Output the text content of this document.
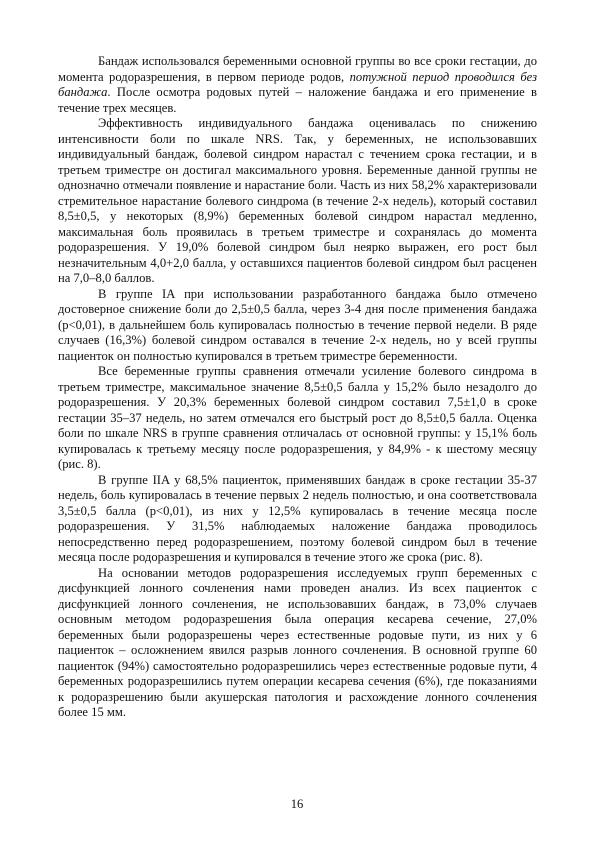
Бандаж использовался беременными основной группы во все сроки гестации, до момента родоразрешения, в первом периоде родов, потужной период проводился без бандажа. После осмотра родовых путей – наложение бандажа и его применение в течение трех месяцев.

Эффективность индивидуального бандажа оценивалась по снижению интенсивности боли по шкале NRS. Так, у беременных, не использовавших индивидуальный бандаж, болевой синдром нарастал с течением срока гестации, и в третьем триместре он достигал максимального уровня. Беременные данной группы не однозначно отмечали появление и нарастание боли. Часть из них 58,2% характеризовали стремительное нарастание болевого синдрома (в течение 2-х недель), который составил 8,5±0,5, у некоторых (8,9%) беременных болевой синдром нарастал медленно, максимальная боль проявилась в третьем триместре и сохранялась до момента родоразрешения. У 19,0% болевой синдром был неярко выражен, его рост был незначительным 4,0+2,0 балла, у оставшихся пациентов болевой синдром был расценен на 7,0–8,0 баллов.

В группе IA при использовании разработанного бандажа было отмечено достоверное снижение боли до 2,5±0,5 балла, через 3-4 дня после применения бандажа (р<0,01), в дальнейшем боль купировалась полностью в течение первой недели. В ряде случаев (16,3%) болевой синдром оставался в течение 2-х недель, но у всей группы пациенток он полностью купировался в третьем триместре беременности.

Все беременные группы сравнения отмечали усиление болевого синдрома в третьем триместре, максимальное значение 8,5±0,5 балла у 15,2% было незадолго до родоразрешения. У 20,3% беременных болевой синдром составил 7,5±1,0 в сроке гестации 35–37 недель, но затем отмечался его быстрый рост до 8,5±0,5 балла. Оценка боли по шкале NRS в группе сравнения отличалась от основной группы: у 15,1% боль купировалась к третьему месяцу после родоразрешения, у 84,9% - к шестому месяцу (рис. 8).

В группе IIA у 68,5% пациенток, применявших бандаж в сроке гестации 35-37 недель, боль купировалась в течение первых 2 недель полностью, и она соответствовала 3,5±0,5 балла (р<0,01), из них у 12,5% купировалась в течение месяца после родоразрешения. У 31,5% наблюдаемых наложение бандажа проводилось непосредственно перед родоразрешением, поэтому болевой синдром был в течение месяца после родоразрешения и купировался в течение этого же срока (рис. 8).

На основании методов родоразрешения исследуемых групп беременных с дисфункцией лонного сочленения нами проведен анализ. Из всех пациенток с дисфункцией лонного сочленения, не использовавших бандаж, в 73,0% случаев основным методом родоразрешения была операция кесарева сечение, 27,0% беременных были родоразрешены через естественные родовые пути, из них у 6 пациенток – осложнением явился разрыв лонного сочленения. В основной группе 60 пациенток (94%) самостоятельно родоразрешились через естественные родовые пути, 4 беременных родоразрешились путем операции кесарева сечения (6%), где показаниями к родоразрешению были акушерская патология и расхождение лонного сочленения более 15 мм.

16
